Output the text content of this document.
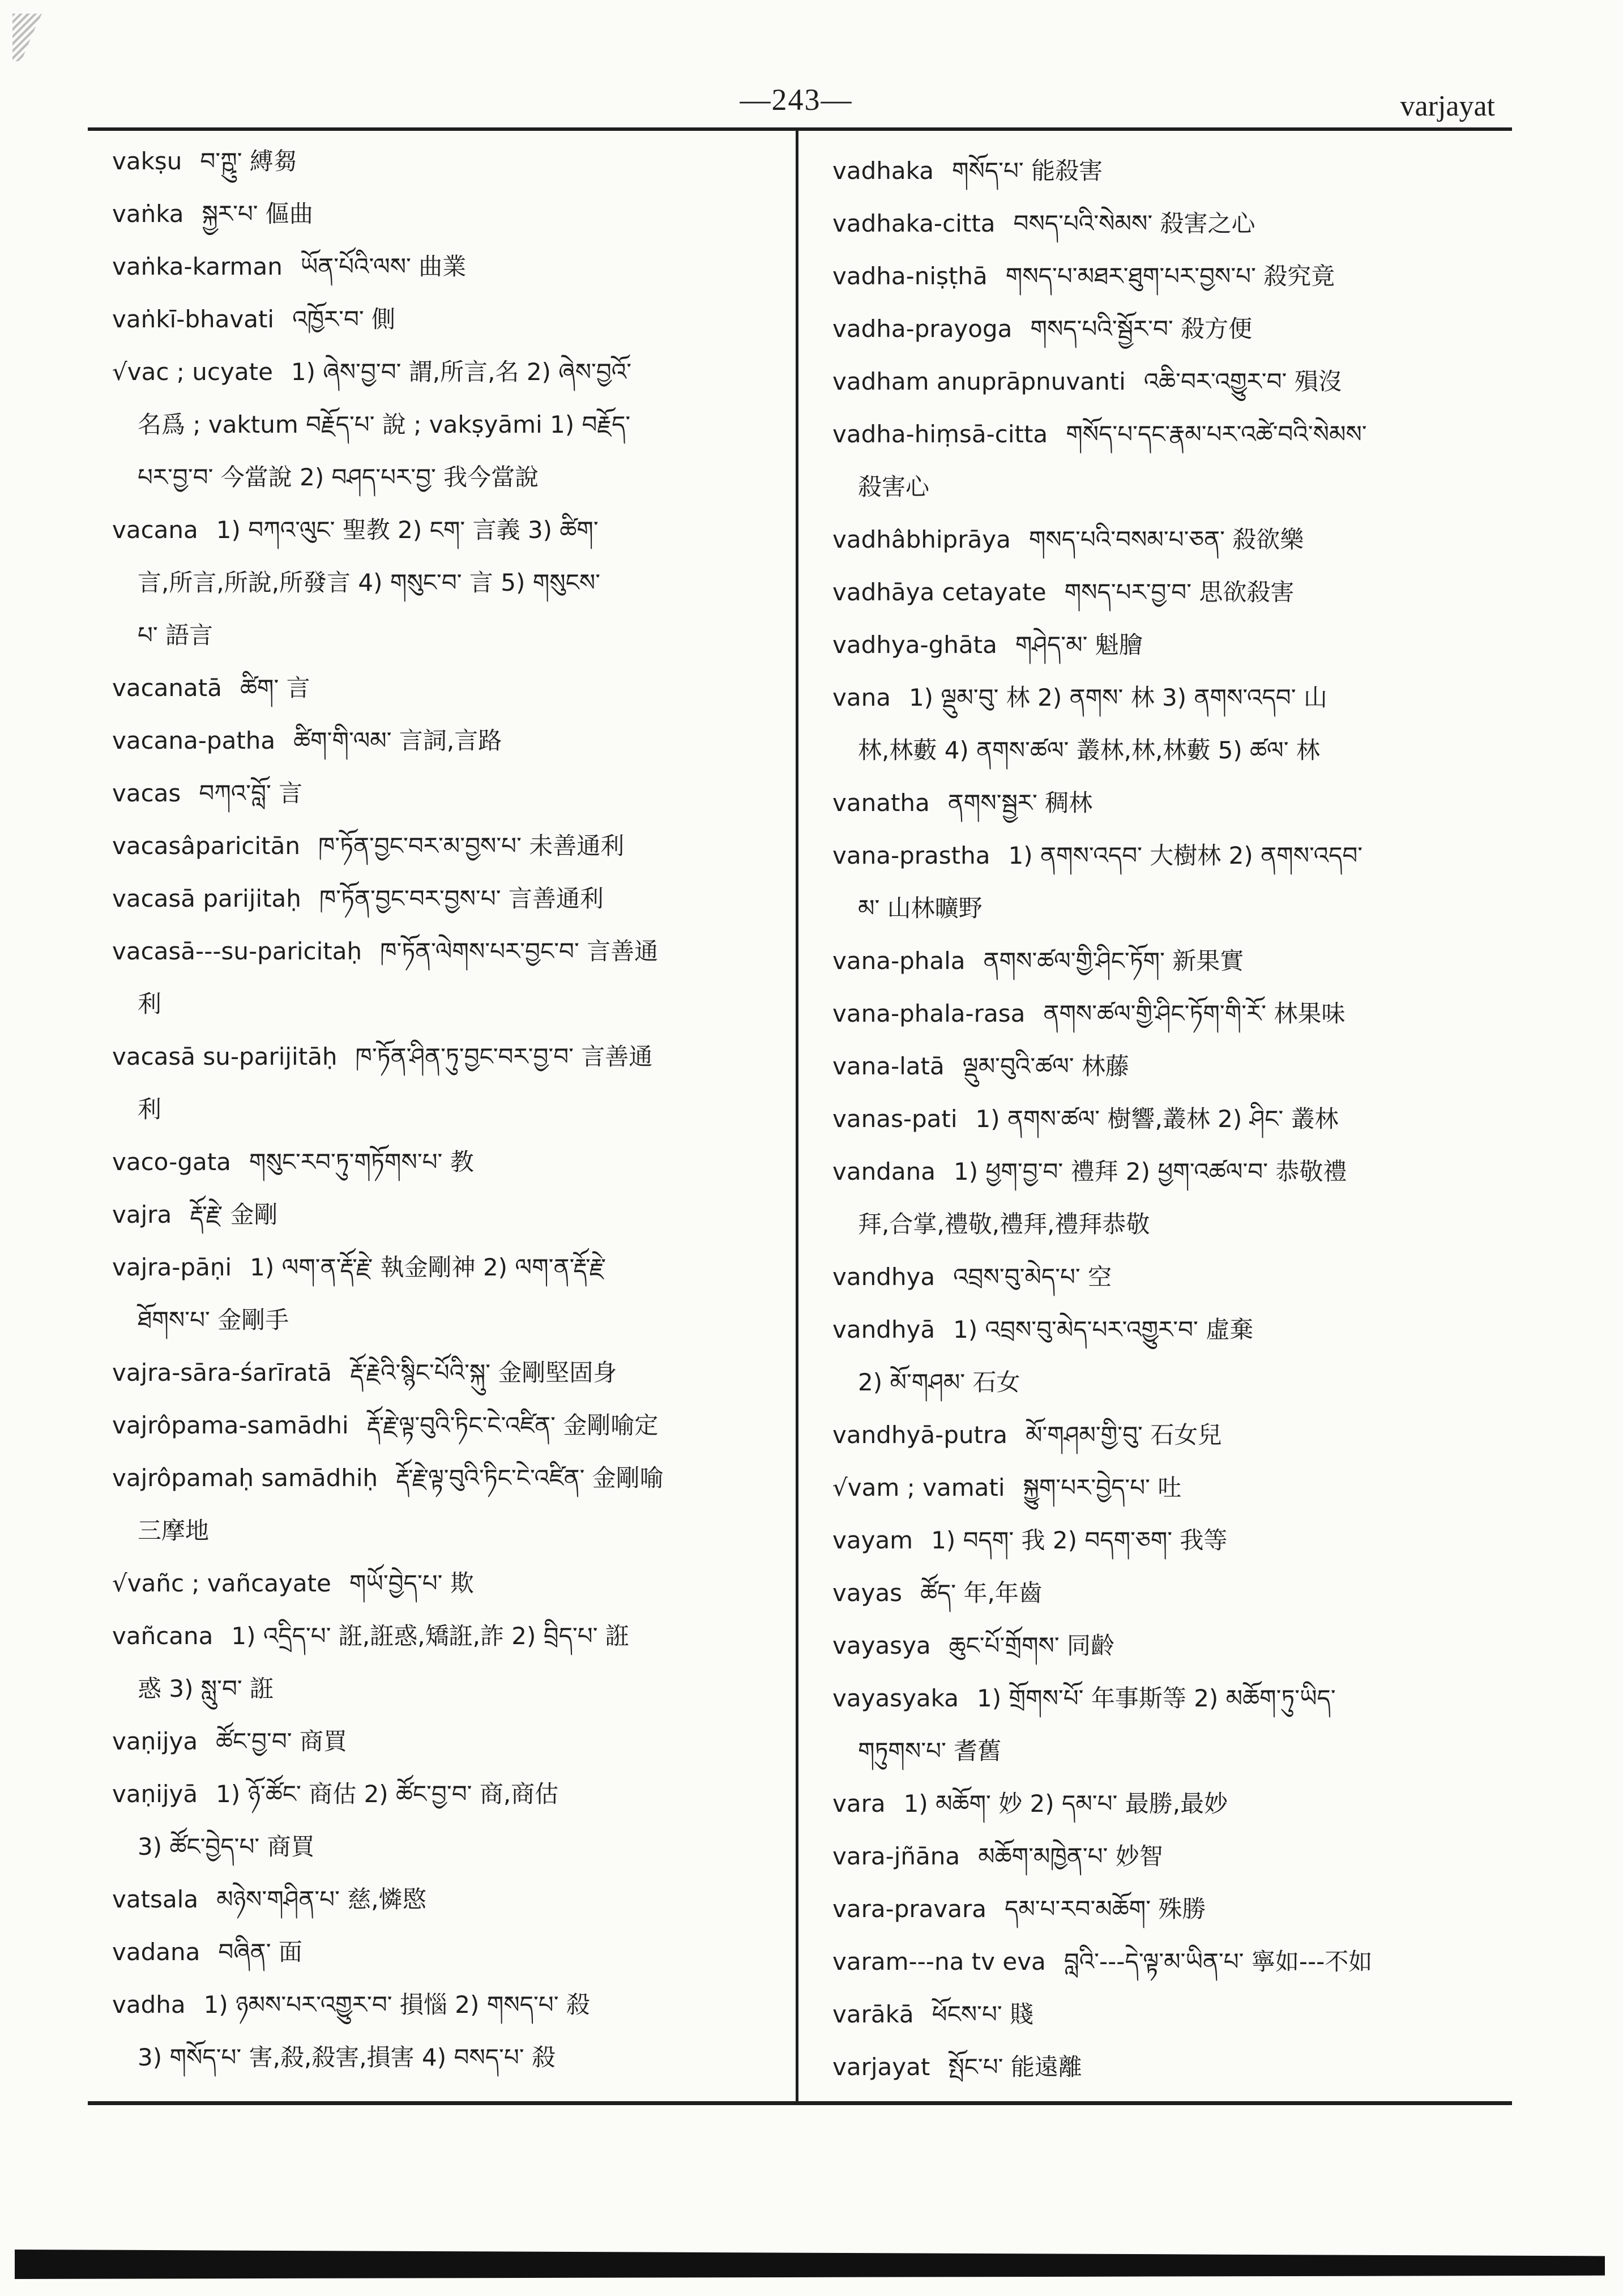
—243—	varjayat
vakṣu བ་ཀྵུ་ 縛芻
vaṅka སྐྱར་པ་ 傴曲
vaṅka-karman ཡོན་པོའི་ལས་ 曲業
vaṅkī-bhavati འཁྱོར་བ་ 側
√vac ; ucyate 1) ཞེས་བྱ་བ་ 謂,所言,名 2) ཞེས་བྱའོ་
名爲 ; vaktum བརྗོད་པ་ 說 ; vakṣyāmi 1) བརྗོད་
པར་བྱ་བ་ 今當說 2) བཤད་པར་བྱ་ 我今當說
vacana 1) བཀའ་ལུང་ 聖教 2) ངག་ 言義 3) ཚིག་
言,所言,所說,所發言 4) གསུང་བ་ 言 5) གསུངས་
པ་ 語言
vacanatā ཚིག་ 言
vacana-patha ཚིག་གི་ལམ་ 言詞,言路
vacas བཀའ་བློ་ 言
vacasâparicitān ཁ་ཏོན་བྱང་བར་མ་བྱས་པ་ 未善通利
vacasā parijitaḥ ཁ་ཏོན་བྱང་བར་བྱས་པ་ 言善通利
vacasā---su-paricitaḥ ཁ་ཏོན་ལེགས་པར་བྱང་བ་ 言善通
利
vacasā su-parijitāḥ ཁ་ཏོན་ཤིན་ཏུ་བྱང་བར་བྱ་བ་ 言善通
利
vaco-gata གསུང་རབ་ཏུ་གཏོགས་པ་ 教
vajra རྡོ་རྗེ་ 金剛
vajra-pāṇi 1) ལག་ན་རྡོ་རྗེ་ 執金剛神 2) ལག་ན་རྡོ་རྗེ་
ཐོགས་པ་ 金剛手
vajra-sāra-śarīratā རྡོ་རྗེའི་སྙིང་པོའི་སྐུ་ 金剛堅固身
vajrôpama-samādhi རྡོ་རྗེ་ལྟ་བུའི་ཏིང་ངེ་འཛིན་ 金剛喻定
vajrôpamaḥ samādhiḥ རྡོ་རྗེ་ལྟ་བུའི་ཏིང་ངེ་འཛིན་ 金剛喻
三摩地
√vañc ; vañcayate གཡོ་བྱེད་པ་ 欺
vañcana 1) འདྲིད་པ་ 誑,誑惑,矯誑,詐 2) བྲིད་པ་ 誑
惑 3) སླུ་བ་ 誑
vaṇijya ཚོང་བྱ་བ་ 商買
vaṇijyā 1) ཉོ་ཚོང་ 商估 2) ཚོང་བྱ་བ་ 商,商估
3) ཚོང་བྱེད་པ་ 商買
vatsala མཉེས་གཤིན་པ་ 慈,憐愍
vadana བཞིན་ 面
vadha 1) ཉམས་པར་འགྱུར་བ་ 損惱 2) གསད་པ་ 殺
3) གསོད་པ་ 害,殺,殺害,損害 4) བསད་པ་ 殺
vadhaka གསོད་པ་ 能殺害
vadhaka-citta བསད་པའི་སེམས་ 殺害之心
vadha-niṣṭhā གསད་པ་མཐར་ཐུག་པར་བྱས་པ་ 殺究竟
vadha-prayoga གསད་པའི་སྦྱོར་བ་ 殺方便
vadham anuprāpnuvanti འཆི་བར་འགྱུར་བ་ 殞沒
vadha-hiṃsā-citta གསོད་པ་དང་རྣམ་པར་འཚེ་བའི་སེམས་
殺害心
vadhâbhiprāya གསད་པའི་བསམ་པ་ཅན་ 殺欲樂
vadhāya cetayate གསད་པར་བྱ་བ་ 思欲殺害
vadhya-ghāta གཤེད་མ་ 魁膾
vana 1) ལྡུམ་བུ་ 林 2) ནགས་ 林 3) ནགས་འདབ་ 山
林,林藪 4) ནགས་ཚལ་ 叢林,林,林藪 5) ཚལ་ 林
vanatha ནགས་སྦྱར་ 稠林
vana-prastha 1) ནགས་འདབ་ 大樹林 2) ནགས་འདབ་
མ་ 山林曠野
vana-phala ནགས་ཚལ་གྱི་ཤིང་ཏོག་ 新果實
vana-phala-rasa ནགས་ཚལ་གྱི་ཤིང་ཏོག་གི་རོ་ 林果味
vana-latā ལྡུམ་བུའི་ཚལ་ 林藤
vanas-pati 1) ནགས་ཚལ་ 樹響,叢林 2) ཤིང་ 叢林
vandana 1) ཕྱག་བྱ་བ་ 禮拜 2) ཕྱག་འཚལ་བ་ 恭敬禮
拜,合掌,禮敬,禮拜,禮拜恭敬
vandhya འབྲས་བུ་མེད་པ་ 空
vandhyā 1) འབྲས་བུ་མེད་པར་འགྱུར་བ་ 虛棄
2) མོ་གཤམ་ 石女
vandhyā-putra མོ་གཤམ་གྱི་བུ་ 石女兒
√vam ; vamati སྐྱུག་པར་བྱེད་པ་ 吐
vayam 1) བདག་ 我 2) བདག་ཅག་ 我等
vayas ཚོད་ 年,年齒
vayasya ཆུང་པོ་གྲོགས་ 同齡
vayasyaka 1) གྲོགས་པོ་ 年事斯等 2) མཆོག་ཏུ་ཡིད་
གཏུགས་པ་ 耆舊
vara 1) མཆོག་ 妙 2) དམ་པ་ 最勝,最妙
vara-jñāna མཆོག་མཁྱེན་པ་ 妙智
vara-pravara དམ་པ་རབ་མཆོག་ 殊勝
varam---na tv eva བླའི་---དེ་ལྟ་མ་ཡིན་པ་ 寧如---不如
varākā ཕོངས་པ་ 賤
varjayat སྤོང་པ་ 能遠離
